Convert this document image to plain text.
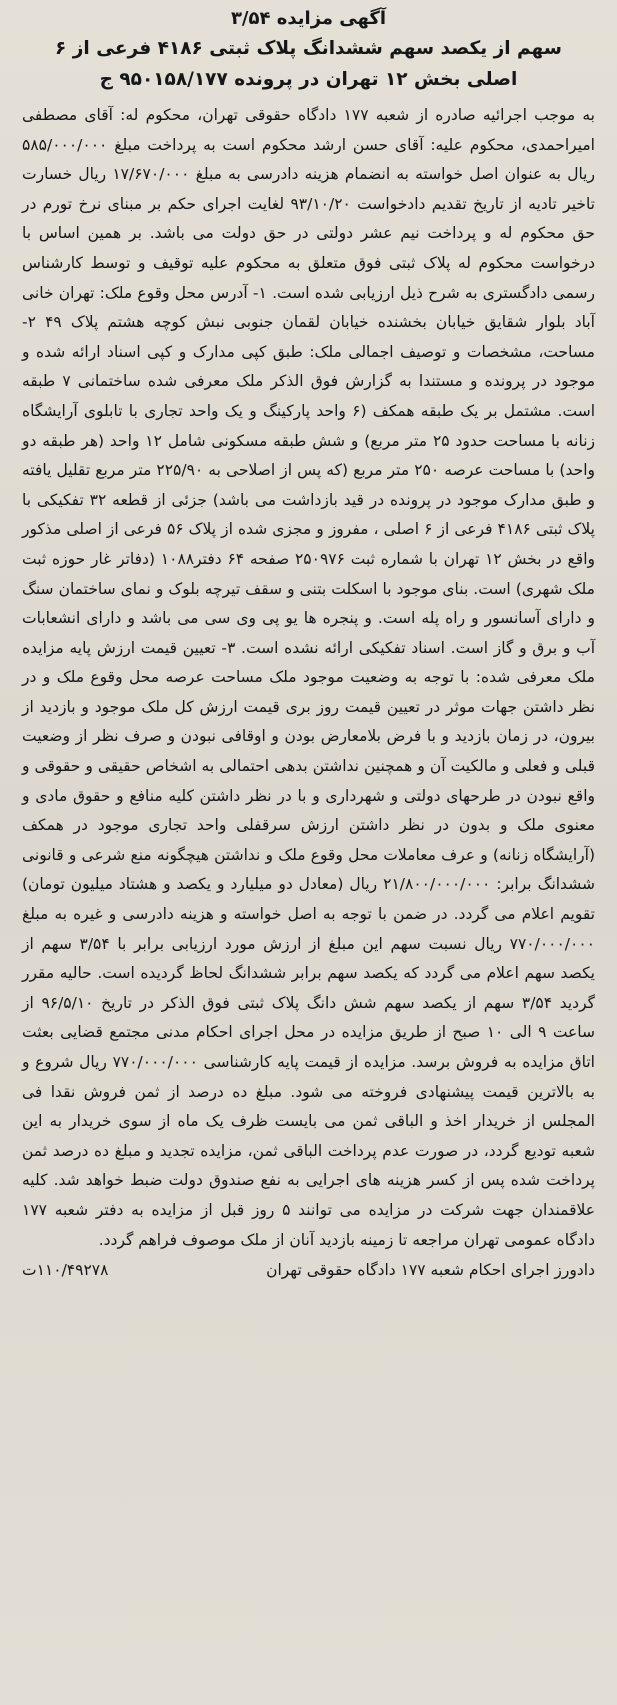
آگهی مزایده ۳/۵۴
سهم از یکصد سهم ششدانگ پلاک ثبتی ۴۱۸۶ فرعی از ۶
اصلی بخش ۱۲ تهران در پرونده ۹۵۰۱۵۸/۱۷۷ ج

به موجب اجرائیه صادره از شعبه ۱۷۷ دادگاه حقوقی تهران، محکوم له: آقای مصطفی امیراحمدی، محکوم علیه: آقای حسن ارشد محکوم است به پرداخت مبلغ ۵۸۵/۰۰۰/۰۰۰ ریال به عنوان اصل خواسته به انضمام هزینه دادرسی به مبلغ ۱۷/۶۷۰/۰۰۰ ریال خسارت تاخیر تادیه از تاریخ تقدیم دادخواست ۹۳/۱۰/۲۰ لغایت اجرای حکم بر مبنای نرخ تورم در حق محکوم له و پرداخت نیم عشر دولتی در حق دولت می باشد. بر همین اساس با درخواست محکوم له پلاک ثبتی فوق متعلق به محکوم علیه توقیف و توسط کارشناس رسمی دادگستری به شرح ذیل ارزیابی شده است. ۱- آدرس محل وقوع ملک: تهران خانی آباد بلوار شقایق خیابان بخشنده خیابان لقمان جنوبی نبش کوچه هشتم پلاک ۴۹ ۲- مساحت، مشخصات و توصیف اجمالی ملک: طبق کپی مدارک و کپی اسناد ارائه شده و موجود در پرونده و مستندا به گزارش فوق الذکر ملک معرفی شده ساختمانی ۷ طبقه است. مشتمل بر یک طبقه همکف (۶ واحد پارکینگ و یک واحد تجاری با تابلوی آرایشگاه زنانه با مساحت حدود ۲۵ متر مربع) و شش طبقه مسکونی شامل ۱۲ واحد (هر طبقه دو واحد) با مساحت عرصه ۲۵۰ متر مربع (که پس از اصلاحی به ۲۲۵/۹۰ متر مربع تقلیل یافته و طبق مدارک موجود در پرونده در قید بازداشت می باشد) جزئی از قطعه ۳۲ تفکیکی با پلاک ثبتی ۴۱۸۶ فرعی از ۶ اصلی ، مفروز و مجزی شده از پلاک ۵۶ فرعی از اصلی مذکور واقع در بخش ۱۲ تهران با شماره ثبت ۲۵۰۹۷۶ صفحه ۶۴ دفتر۱۰۸۸ (دفاتر غار حوزه ثبت ملک شهری) است. بنای موجود با اسکلت بتنی و سقف تیرچه بلوک و نمای ساختمان سنگ و دارای آسانسور و راه پله است. و پنجره ها یو پی وی سی می باشد و دارای انشعابات آب و برق و گاز است. اسناد تفکیکی ارائه نشده است. ۳- تعیین قیمت ارزش پایه مزایده ملک معرفی شده: با توجه به وضعیت موجود ملک مساحت عرصه محل وقوع ملک و در نظر داشتن جهات موثر در تعیین قیمت روز بری قیمت ارزش کل ملک موجود و بازدید از بیرون، در زمان بازدید و با فرض بلامعارض بودن و اوقافی نبودن و صرف نظر از وضعیت قبلی و فعلی و مالکیت آن و همچنین نداشتن بدهی احتمالی به اشخاص حقیقی و حقوقی و واقع نبودن در طرحهای دولتی و شهرداری و با در نظر داشتن کلیه منافع و حقوق مادی و معنوی ملک و بدون در نظر داشتن ارزش سرقفلی واحد تجاری موجود در همکف (آرایشگاه زنانه) و عرف معاملات محل وقوع ملک و نداشتن هیچگونه منع شرعی و قانونی ششدانگ برابر: ۲۱/۸۰۰/۰۰۰/۰۰۰ ریال (معادل دو میلیارد و یکصد و هشتاد میلیون تومان) تقویم اعلام می گردد. در ضمن با توجه به اصل خواسته و هزینه دادرسی و غیره به مبلغ ۷۷۰/۰۰۰/۰۰۰ ریال نسبت سهم این مبلغ از ارزش مورد ارزیابی برابر با ۳/۵۴ سهم از یکصد سهم اعلام می گردد که یکصد سهم برابر ششدانگ لحاظ گردیده است. حالیه مقرر گردید ۳/۵۴ سهم از یکصد سهم شش دانگ پلاک ثبتی فوق الذکر در تاریخ ۹۶/۵/۱۰ از ساعت ۹ الی ۱۰ صبح از طریق مزایده در محل اجرای احکام مدنی مجتمع قضایی بعثت اتاق مزایده به فروش برسد. مزایده از قیمت پایه کارشناسی ۷۷۰/۰۰۰/۰۰۰ ریال شروع و به بالاترین قیمت پیشنهادی فروخته می شود. مبلغ ده درصد از ثمن فروش نقدا فی المجلس از خریدار اخذ و الباقی ثمن می بایست ظرف یک ماه از سوی خریدار به این شعبه تودیع گردد، در صورت عدم پرداخت الباقی ثمن، مزایده تجدید و مبلغ ده درصد ثمن پرداخت شده پس از کسر هزینه های اجرایی به نفع صندوق دولت ضبط خواهد شد. کلیه علاقمندان جهت شرکت در مزایده می توانند ۵ روز قبل از مزایده به دفتر شعبه ۱۷۷ دادگاه عمومی تهران مراجعه تا زمینه بازدید آنان از ملک موصوف فراهم گردد.

دادورز اجرای احکام شعبه ۱۷۷ دادگاه حقوقی تهران
۱۱۰/۴۹۲۷۸ت
